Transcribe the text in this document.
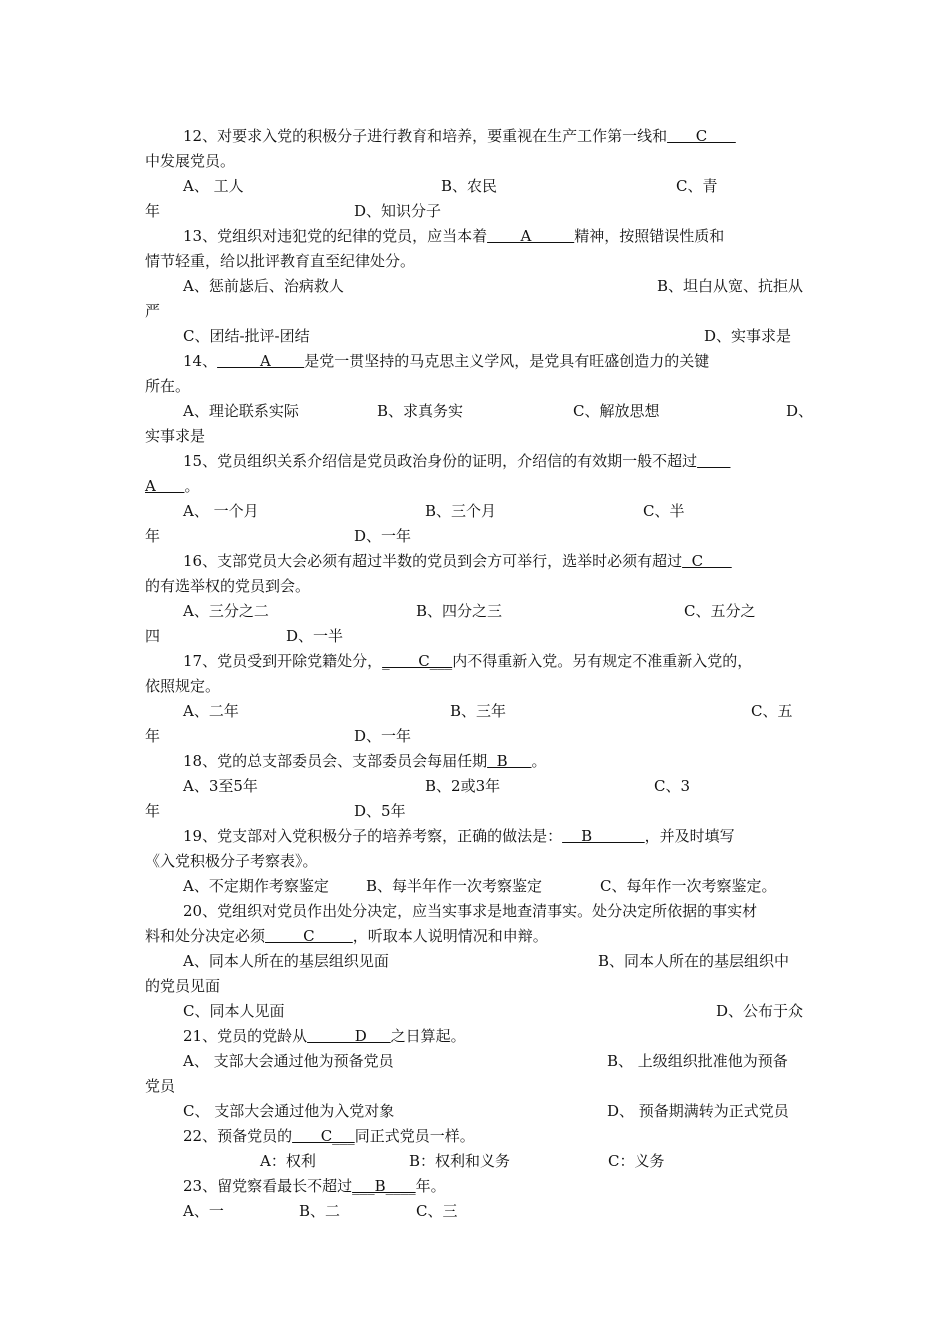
12、对要求入党的积极分子进行教育和培养，要重视在生产工作第一线和      C
中发展党员。
A、 工人	B、农民	C、青
年	D、知识分子
13、党组织对违犯党的纪律的党员，应当本着       A         精神，按照错误性质和
情节轻重，给以批评教育直至纪律处分。
A、惩前毖后、治病救人	B、坦白从宽、抗拒从
严
C、团结-批评-团结	D、实事求是
14、         A       是党一贯坚持的马克思主义学风，是党具有旺盛创造力的关键
所在。
A、理论联系实际	B、求真务实	C、解放思想	D、
实事求是
15、党员组织关系介绍信是党员政治身份的证明，介绍信的有效期一般不超过
A      。
A、 一个月	B、三个月	C、半
年	D、一年
16、支部党员大会必须有超过半数的党员到会方可举行，选举时必须有超过  C
的有选举权的党员到会。
A、三分之二	B、四分之三	C、五分之
四	D、一半
17、党员受到开除党籍处分，_      C___内不得重新入党。另有规定不准重新入党的，
依照规定。
A、二年	B、三年	C、五
年	D、一年
18、党的总支部委员会、支部委员会每届任期  B     。
A、3至5年	B、2或3年	C、3
年	D、5年
19、党支部对入党积极分子的培养考察，正确的做法是：    B           ，并及时填写
《入党积极分子考察表》。
A、不定期作考察鉴定 B、每半年作一次考察鉴定	C、每年作一次考察鉴定。
20、党组织对党员作出处分决定，应当实事求是地查清事实。处分决定所依据的事实材
料和处分决定必须        C        ，听取本人说明情况和申辩。
A、同本人所在的基层组织见面	B、同本人所在的基层组织中
的党员见面
C、同本人见面	D、公布于众
21、党员的党龄从          D     之日算起。
A、 支部大会通过他为预备党员	B、 上级组织批准他为预备
党员
C、 支部大会通过他为入党对象	D、 预备期满转为正式党员
22、预备党员的      C___同正式党员一样。
A：权利	B：权利和义务	C：义务
23、留党察看最长不超过___B____年。
A、一	B、二	C、三
